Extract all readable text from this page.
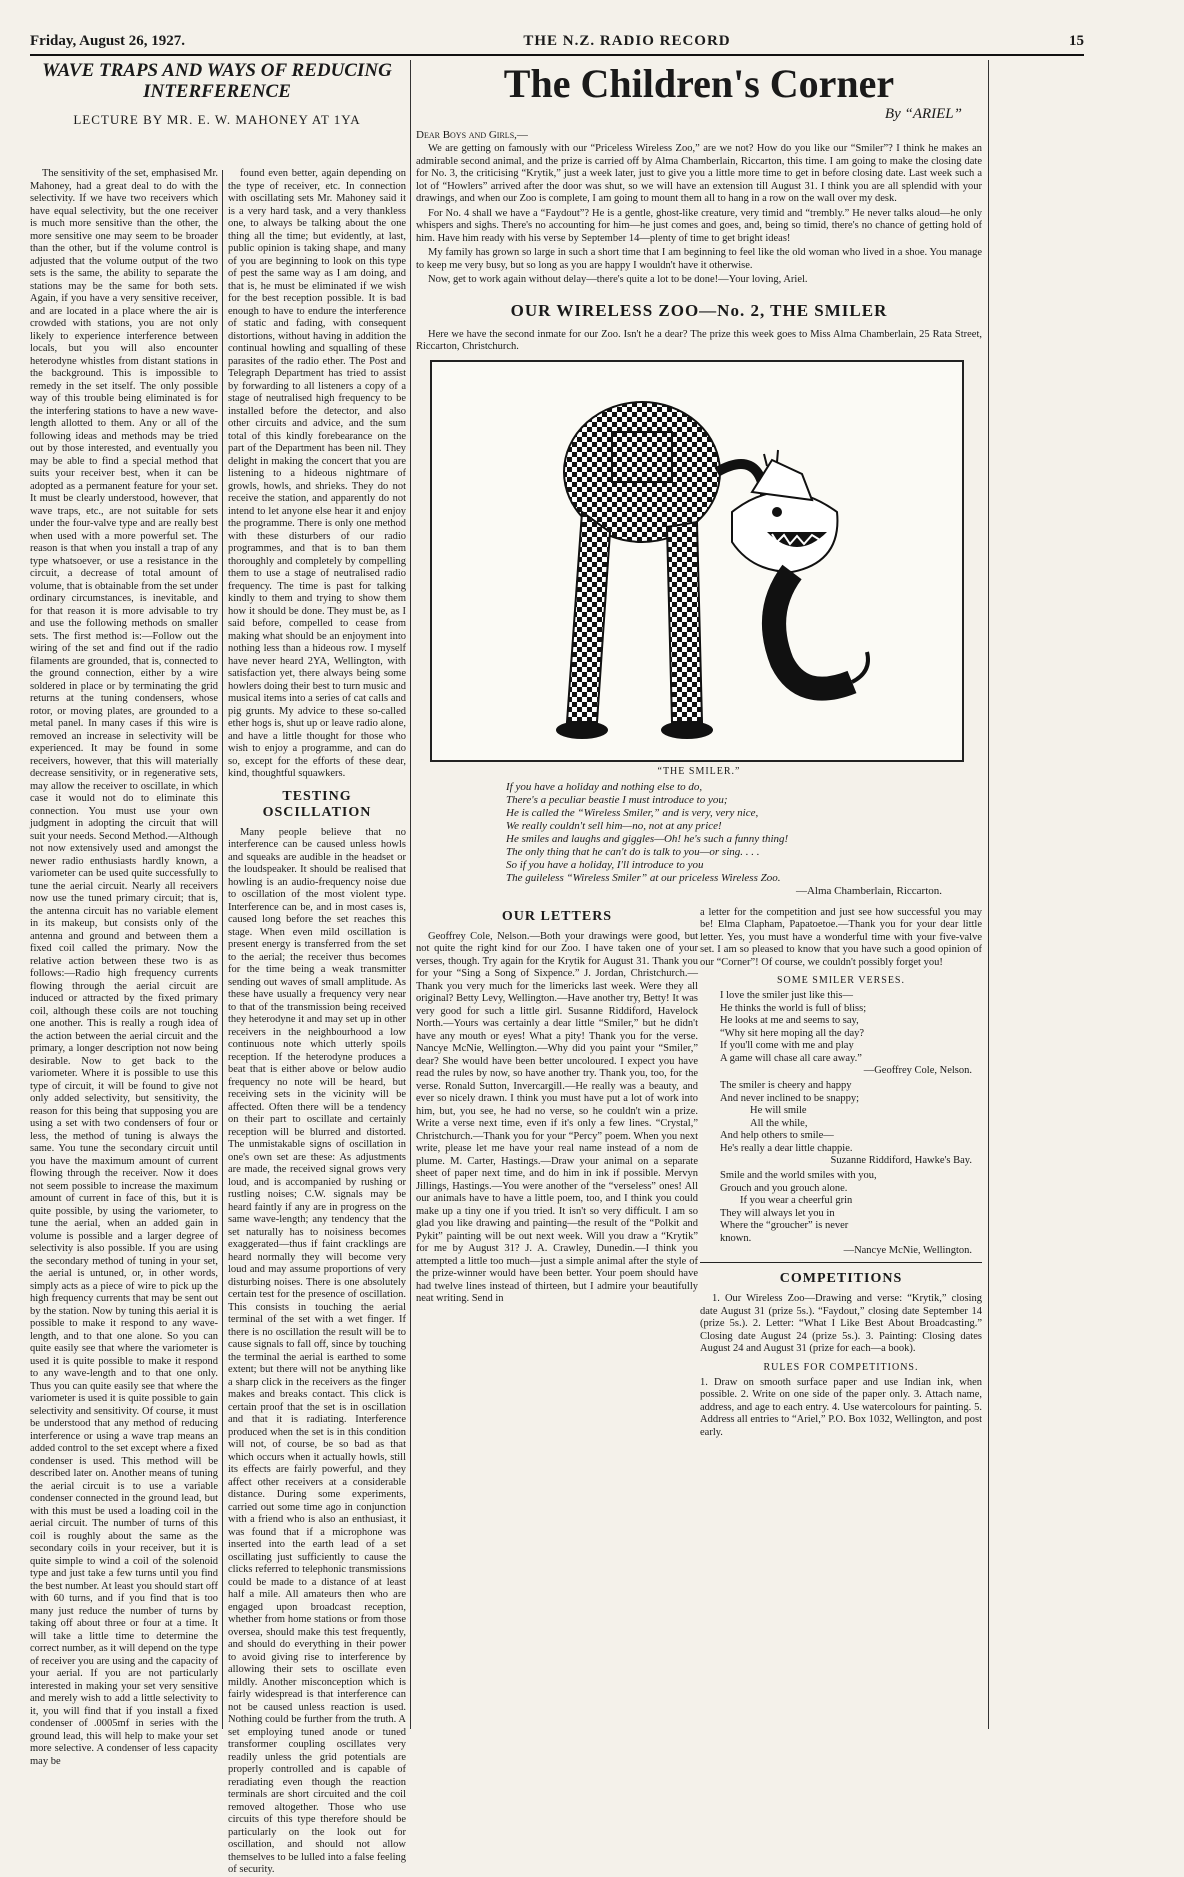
Friday, August 26, 1927.	THE N.Z. RADIO RECORD	15
WAVE TRAPS AND WAYS OF REDUCING INTERFERENCE
LECTURE BY MR. E. W. MAHONEY AT 1YA

The sensitivity of the set, emphasised Mr. Mahoney, had a great deal to do with the selectivity. If we have two receivers which have equal selectivity, but the one receiver is much more sensitive than the other, the more sensitive one may seem to be broader than the other, but if the volume control is adjusted that the volume output of the two sets is the same, the ability to separate the stations may be the same for both sets. Again, if you have a very sensitive receiver, and are located in a place where the air is crowded with stations, you are not only likely to experience interference between locals, but you will also encounter heterodyne whistles from distant stations in the background. This is impossible to remedy in the set itself. The only possible way of this trouble being eliminated is for the interfering stations to have a new wave-length allotted to them. Any or all of the following ideas and methods may be tried out by those interested, and eventually you may be able to find a special method that suits your receiver best, when it can be adopted as a permanent feature for your set. It must be clearly understood, however, that wave traps, etc., are not suitable for sets under the four-valve type and are really best when used with a more powerful set. The reason is that when you install a trap of any type whatsoever, or use a resistance in the circuit, a decrease of total amount of volume, that is obtainable from the set under ordinary circumstances, is inevitable, and for that reason it is more advisable to try and use the following methods on smaller sets. The first method is:—Follow out the wiring of the set and find out if the radio filaments are grounded, that is, connected to the ground connection, either by a wire soldered in place or by terminating the grid returns at the tuning condensers, whose rotor, or moving plates, are grounded to a metal panel. In many cases if this wire is removed an increase in selectivity will be experienced. It may be found in some receivers, however, that this will materially decrease sensitivity, or in regenerative sets, may allow the receiver to oscillate, in which case it would not do to eliminate this connection. You must use your own judgment in adopting the circuit that will suit your needs. Second Method.—Although not now extensively used and amongst the newer radio enthusiasts hardly known, a variometer can be used quite successfully to tune the aerial circuit. Nearly all receivers now use the tuned primary circuit; that is, the antenna circuit has no variable element in its makeup, but consists only of the antenna and ground and between them a fixed coil called the primary. Now the relative action between these two is as follows:—Radio high frequency currents flowing through the aerial circuit are induced or attracted by the fixed primary coil, although these coils are not touching one another. This is really a rough idea of the action between the aerial circuit and the primary, a longer description not now being desirable. Now to get back to the variometer. Where it is possible to use this type of circuit, it will be found to give not only added selectivity, but sensitivity, the reason for this being that supposing you are using a set with two condensers of four or less, the method of tuning is always the same. You tune the secondary circuit until you have the maximum amount of current flowing through the receiver. Now it does not seem possible to increase the maximum amount of current in face of this, but it is quite possible, by using the variometer, to tune the aerial, when an added gain in volume is possible and a larger degree of selectivity is also possible. If you are using the secondary method of tuning in your set, the aerial is untuned, or, in other words, simply acts as a piece of wire to pick up the high frequency currents that may be sent out by the station. Now by tuning this aerial it is possible to make it respond to any wave-length, and to that one alone. So you can quite easily see that where the variometer is used it is quite possible to make it respond to any wave-length and to that one only. Thus you can quite easily see that where the variometer is used it is quite possible to gain selectivity and sensitivity. Of course, it must be understood that any method of reducing interference or using a wave trap means an added control to the set except where a fixed condenser is used. This method will be described later on. Another means of tuning the aerial circuit is to use a variable condenser connected in the ground lead, but with this must be used a loading coil in the aerial circuit. The number of turns of this coil is roughly about the same as the secondary coils in your receiver, but it is quite simple to wind a coil of the solenoid type and just take a few turns until you find the best number. At least you should start off with 60 turns, and if you find that is too many just reduce the number of turns by taking off about three or four at a time. It will take a little time to determine the correct number, as it will depend on the type of receiver you are using and the capacity of your aerial. If you are not particularly interested in making your set very sensitive and merely wish to add a little selectivity to it, you will find that if you install a fixed condenser of .0005mf in series with the ground lead, this will help to make your set more selective. A condenser of less capacity may be

found even better, again depending on the type of receiver, etc. In connection with oscillating sets Mr. Mahoney said it is a very hard task, and a very thankless one, to always be talking about the one thing all the time; but evidently, at last, public opinion is taking shape, and many of you are beginning to look on this type of pest the same way as I am doing, and that is, he must be eliminated if we wish for the best reception possible. It is bad enough to have to endure the interference of static and fading, with consequent distortions, without having in addition the continual howling and squalling of these parasites of the radio ether. The Post and Telegraph Department has tried to assist by forwarding to all listeners a copy of a stage of neutralised high frequency to be installed before the detector, and also other circuits and advice, and the sum total of this kindly forebearance on the part of the Department has been nil. They delight in making the concert that you are listening to a hideous nightmare of growls, howls, and shrieks. They do not receive the station, and apparently do not intend to let anyone else hear it and enjoy the programme. There is only one method with these disturbers of our radio programmes, and that is to ban them thoroughly and completely by compelling them to use a stage of neutralised radio frequency. The time is past for talking kindly to them and trying to show them how it should be done. They must be, as I said before, compelled to cease from making what should be an enjoyment into nothing less than a hideous row. I myself have never heard 2YA, Wellington, with satisfaction yet, there always being some howlers doing their best to turn music and musical items into a series of cat calls and pig grunts. My advice to these so-called ether hogs is, shut up or leave radio alone, and have a little thought for those who wish to enjoy a programme, and can do so, except for the efforts of these dear, kind, thoughtful squawkers.

TESTING OSCILLATION

Many people believe that no interference can be caused unless howls and squeaks are audible in the headset or the loudspeaker. It should be realised that howling is an audio-frequency noise due to oscillation of the most violent type. Interference can be, and in most cases is, caused long before the set reaches this stage. When even mild oscillation is present energy is transferred from the set to the aerial; the receiver thus becomes for the time being a weak transmitter sending out waves of small amplitude. As these have usually a frequency very near to that of the transmission being received they heterodyne it and may set up in other receivers in the neighbourhood a low continuous note which utterly spoils reception. If the heterodyne produces a beat that is either above or below audio frequency no note will be heard, but receiving sets in the vicinity will be affected. Often there will be a tendency on their part to oscillate and certainly reception will be blurred and distorted. The unmistakable signs of oscillation in one's own set are these: As adjustments are made, the received signal grows very loud, and is accompanied by rushing or rustling noises; C.W. signals may be heard faintly if any are in progress on the same wave-length; any tendency that the set naturally has to noisiness becomes exaggerated—thus if faint cracklings are heard normally they will become very loud and may assume proportions of very disturbing noises. There is one absolutely certain test for the presence of oscillation. This consists in touching the aerial terminal of the set with a wet finger. If there is no oscillation the result will be to cause signals to fall off, since by touching the terminal the aerial is earthed to some extent; but there will not be anything like a sharp click in the receivers as the finger makes and breaks contact. This click is certain proof that the set is in oscillation and that it is radiating. Interference produced when the set is in this condition will not, of course, be so bad as that which occurs when it actually howls, still its effects are fairly powerful, and they affect other receivers at a considerable distance. During some experiments, carried out some time ago in conjunction with a friend who is also an enthusiast, it was found that if a microphone was inserted into the earth lead of a set oscillating just sufficiently to cause the clicks referred to telephonic transmissions could be made to a distance of at least half a mile. All amateurs then who are engaged upon broadcast reception, whether from home stations or from those oversea, should make this test frequently, and should do everything in their power to avoid giving rise to interference by allowing their sets to oscillate even mildly. Another misconception which is fairly widespread is that interference can not be caused unless reaction is used. Nothing could be further from the truth. A set employing tuned anode or tuned transformer coupling oscillates very readily unless the grid potentials are properly controlled and is capable of reradiating even though the reaction terminals are short circuited and the coil removed altogether. Those who use circuits of this type therefore should be particularly on the look out for oscillation, and should not allow themselves to be lulled into a false feeling of security.

The Children's Corner
By “ARIEL”
Dear Boys and Girls,—

We are getting on famously with our “Priceless Wireless Zoo,” are we not? How do you like our “Smiler”? I think he makes an admirable second animal, and the prize is carried off by Alma Chamberlain, Riccarton, this time. I am going to make the closing date for No. 3, the criticising “Krytik,” just a week later, just to give you a little more time to get in before closing date. Last week such a lot of “Howlers” arrived after the door was shut, so we will have an extension till August 31. I think you are all splendid with your drawings, and when our Zoo is complete, I am going to mount them all to hang in a row on the wall over my desk.

For No. 4 shall we have a “Faydout”? He is a gentle, ghost-like creature, very timid and “trembly.” He never talks aloud—he only whispers and sighs. There's no accounting for him—he just comes and goes, and, being so timid, there's no chance of getting hold of him. Have him ready with his verse by September 14—plenty of time to get bright ideas!

My family has grown so large in such a short time that I am beginning to feel like the old woman who lived in a shoe. You manage to keep me very busy, but so long as you are happy I wouldn't have it otherwise.

Now, get to work again without delay—there's quite a lot to be done!—Your loving, Ariel.

OUR WIRELESS ZOO—No. 2, THE SMILER

Here we have the second inmate for our Zoo. Isn't he a dear? The prize this week goes to Miss Alma Chamberlain, 25 Rata Street, Riccarton, Christchurch.

“THE SMILER.”
If you have a holiday and nothing else to do,
There's a peculiar beastie I must introduce to you;
He is called the “Wireless Smiler,” and is very, very nice,
We really couldn't sell him—no, not at any price!
He smiles and laughs and giggles—Oh! he's such a funny thing!
The only thing that he can't do is talk to you—or sing. . . .
So if you have a holiday, I'll introduce to you
The guileless “Wireless Smiler” at our priceless Wireless Zoo.
—Alma Chamberlain, Riccarton.
OUR LETTERS

Geoffrey Cole, Nelson.—Both your drawings were good, but not quite the right kind for our Zoo. I have taken one of your verses, though. Try again for the Krytik for August 31. Thank you for your “Sing a Song of Sixpence.” J. Jordan, Christchurch.—Thank you very much for the limericks last week. Were they all original? Betty Levy, Wellington.—Have another try, Betty! It was very good for such a little girl. Susanne Riddiford, Havelock North.—Yours was certainly a dear little “Smiler,” but he didn't have any mouth or eyes! What a pity! Thank you for the verse. Nancye McNie, Wellington.—Why did you paint your “Smiler,” dear? She would have been better uncoloured. I expect you have read the rules by now, so have another try. Thank you, too, for the verse. Ronald Sutton, Invercargill.—He really was a beauty, and ever so nicely drawn. I think you must have put a lot of work into him, but, you see, he had no verse, so he couldn't win a prize. Write a verse next time, even if it's only a few lines. “Crystal,” Christchurch.—Thank you for your “Percy” poem. When you next write, please let me have your real name instead of a nom de plume. M. Carter, Hastings.—Draw your animal on a separate sheet of paper next time, and do him in ink if possible. Mervyn Jillings, Hastings.—You were another of the “verseless” ones! All our animals have to have a little poem, too, and I think you could make up a tiny one if you tried. It isn't so very difficult. I am so glad you like drawing and painting—the result of the “Polkit and Pykit” painting will be out next week. Will you draw a “Krytik” for me by August 31? J. A. Crawley, Dunedin.—I think you attempted a little too much—just a simple animal after the style of the prize-winner would have been better. Your poem should have had twelve lines instead of thirteen, but I admire your beautifully neat writing. Send in

a letter for the competition and just see how successful you may be! Elma Clapham, Papatoetoe.—Thank you for your dear little letter. Yes, you must have a wonderful time with your five-valve set. I am so pleased to know that you have such a good opinion of our “Corner”! Of course, we couldn't possibly forget you!

SOME SMILER VERSES.
I love the smiler just like this—
He thinks the world is full of bliss;
He looks at me and seems to say,
“Why sit here moping all the day?
If you'll come with me and play
A game will chase all care away.”
—Geoffrey Cole, Nelson.
The smiler is cheery and happy
And never inclined to be snappy;
He will smile
All the while,
And help others to smile—
He's really a dear little chappie.
Suzanne Riddiford, Hawke's Bay.
Smile and the world smiles with you,
Grouch and you grouch alone.
If you wear a cheerful grin
They will always let you in
Where the “groucher” is never
known.
—Nancye McNie, Wellington.
COMPETITIONS

1. Our Wireless Zoo—Drawing and verse: “Krytik,” closing date August 31 (prize 5s.). “Faydout,” closing date September 14 (prize 5s.). 2. Letter: “What I Like Best About Broadcasting.” Closing date August 24 (prize 5s.). 3. Painting: Closing dates August 24 and August 31 (prize for each—a book).

RULES FOR COMPETITIONS.

1. Draw on smooth surface paper and use Indian ink, when possible. 2. Write on one side of the paper only. 3. Attach name, address, and age to each entry. 4. Use watercolours for painting. 5. Address all entries to “Ariel,” P.O. Box 1032, Wellington, and post early.
